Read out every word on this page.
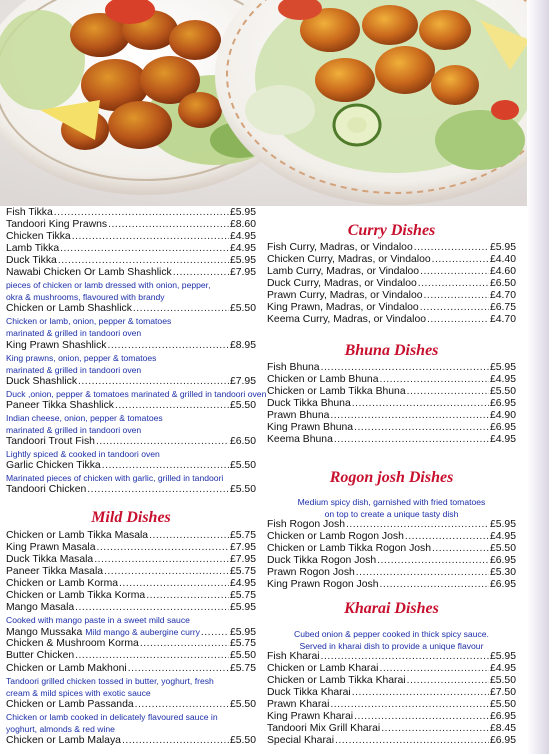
Fish Tikka .....	£5.95
Tandoori King Prawns .....	£8.60
Chicken Tikka .....	£4.95
Lamb Tikka .....	£4.95
Duck Tikka .....	£5.95
Nawabi Chicken Or Lamb Shashlick .....	£7.95
pieces of chicken or lamb dressed with onion, pepper,
okra & mushrooms, flavoured with brandy
Chicken or Lamb Shashlick .....	£5.50
Chicken or lamb, onion, pepper & tomatoes
marinated & grilled in tandoori oven
King Prawn Shashlick .....	£8.95
King prawns, onion, pepper & tomatoes
marinated & grilled in tandoori oven
Duck Shashlick .....	£7.95
Duck ,onion, pepper & tomatoes marinated & grilled in tandoori oven
Paneer Tikka Shashlick .....	£5.50
Indian cheese, onion, pepper & tomatoes
marinated & grilled in tandoori oven
Tandoori Trout Fish .....	£6.50
Lightly spiced & cooked in tandoori oven
Garlic Chicken Tikka .....	£5.50
Marinated pieces of chicken with garlic, grilled in tandoori
Tandoori Chicken .....	£5.50
Mild Dishes
Chicken or Lamb Tikka Masala .....	£5.75
King Prawn Masala .....	£7.95
Duck Tikka Masala .....	£7.95
Paneer Tikka Masala .....	£5.75
Chicken or Lamb Korma .....	£4.95
Chicken or Lamb Tikka Korma .....	£5.75
Mango Masala .....	£5.95
Cooked with mango paste in a sweet mild sauce
Mango Mussaka Mild mango & aubergine curry .....	£5.95
Chicken & Mushroom Korma .....	£5.75
Butter Chicken .....	£5.50
Chicken or Lamb Makhoni .....	£5.75
Tandoori grilled chicken tossed in butter, yoghurt, fresh
cream & mild spices with exotic sauce
Chicken or Lamb Passanda .....	£5.50
Chicken or lamb cooked in delicately flavoured sauce in
yoghurt, almonds & red wine
Chicken or Lamb Malaya .....	£5.50
Curry Dishes
Fish Curry, Madras, or Vindaloo .....	£5.95
Chicken Curry, Madras, or Vindaloo .....	£4.40
Lamb Curry, Madras, or Vindaloo .....	£4.60
Duck Curry, Madras, or Vindaloo .....	£6.50
Prawn Curry, Madras, or Vindaloo .....	£4.70
King Prawn, Madras, or Vindaloo .....	£6.75
Keema Curry, Madras, or Vindaloo .....	£4.70
Bhuna Dishes
Fish Bhuna .....	£5.95
Chicken or Lamb Bhuna .....	£4.95
Chicken or Lamb Tikka Bhuna .....	£5.50
Duck Tikka Bhuna .....	£6.95
Prawn Bhuna .....	£4.90
King Prawn Bhuna .....	£6.95
Keema Bhuna .....	£4.95
Rogon josh Dishes
Medium spicy dish, garnished with fried tomatoes
on top to create a unique tasty dish
Fish Rogon Josh .....	£5.95
Chicken or Lamb Rogon Josh .....	£4.95
Chicken or Lamb Tikka Rogon Josh .....	£5.50
Duck Tikka Rogon Josh .....	£6.95
Prawn Rogon Josh .....	£5.30
King Prawn Rogon Josh .....	£6.95
Kharai Dishes
Cubed onion & pepper cooked in thick spicy sauce.
Served in kharai dish to provide a unique flavour
Fish Kharai .....	£5.95
Chicken or Lamb Kharai .....	£4.95
Chicken or Lamb Tikka Kharai .....	£5.50
Duck Tikka Kharai .....	£7.50
Prawn Kharai .....	£5.50
King Prawn Kharai .....	£6.95
Tandoori Mix Grill Kharai .....	£8.45
Special Kharai .....	£6.95
